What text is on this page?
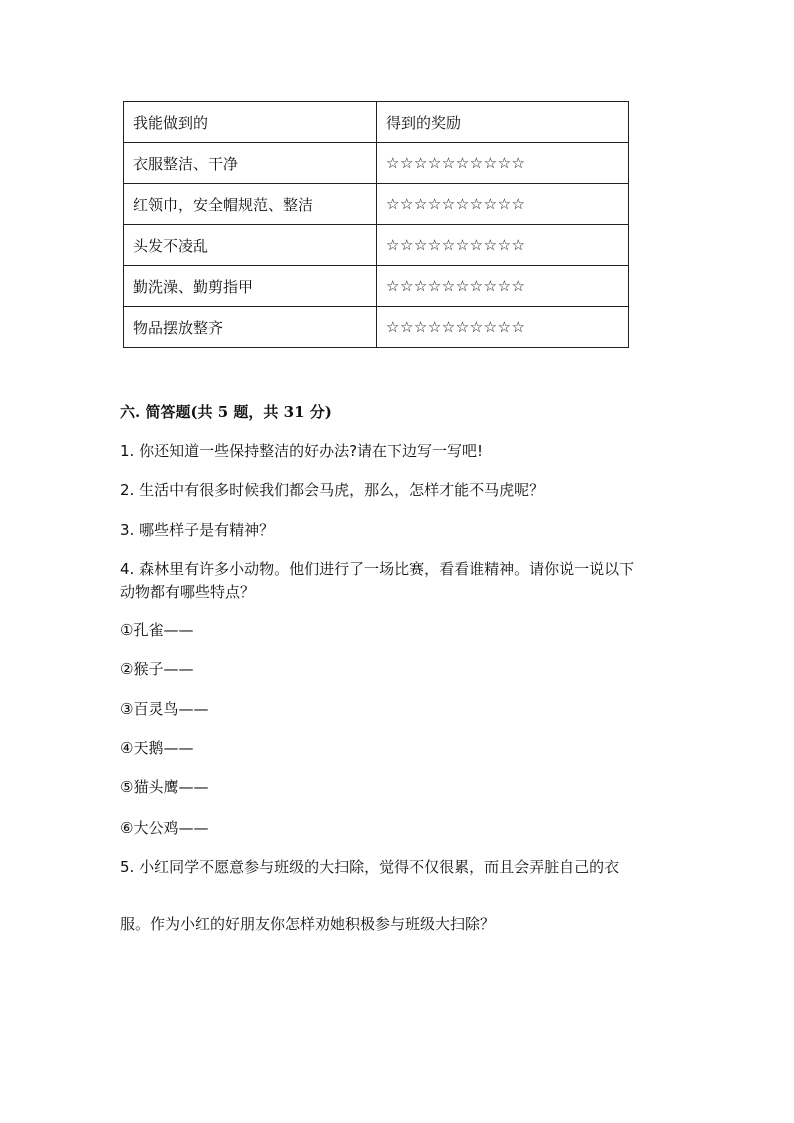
我能做到的	得到的奖励
衣服整洁、干净	☆☆☆☆☆☆☆☆☆☆
红领巾，安全帽规范、整洁	☆☆☆☆☆☆☆☆☆☆
头发不凌乱	☆☆☆☆☆☆☆☆☆☆
勤洗澡、勤剪指甲	☆☆☆☆☆☆☆☆☆☆
物品摆放整齐	☆☆☆☆☆☆☆☆☆☆
六. 简答题(共 5 题，共 31 分)
1. 你还知道一些保持整洁的好办法?请在下边写一写吧!
2. 生活中有很多时候我们都会马虎，那么，怎样才能不马虎呢？
3. 哪些样子是有精神？
4. 森林里有许多小动物。他们进行了一场比赛，看看谁精神。请你说一说以下
动物都有哪些特点？
①孔雀——
②猴子——
③百灵鸟——
④天鹅——
⑤猫头鹰——
⑥大公鸡——
5. 小红同学不愿意参与班级的大扫除，觉得不仅很累，而且会弄脏自己的衣
服。作为小红的好朋友你怎样劝她积极参与班级大扫除？
